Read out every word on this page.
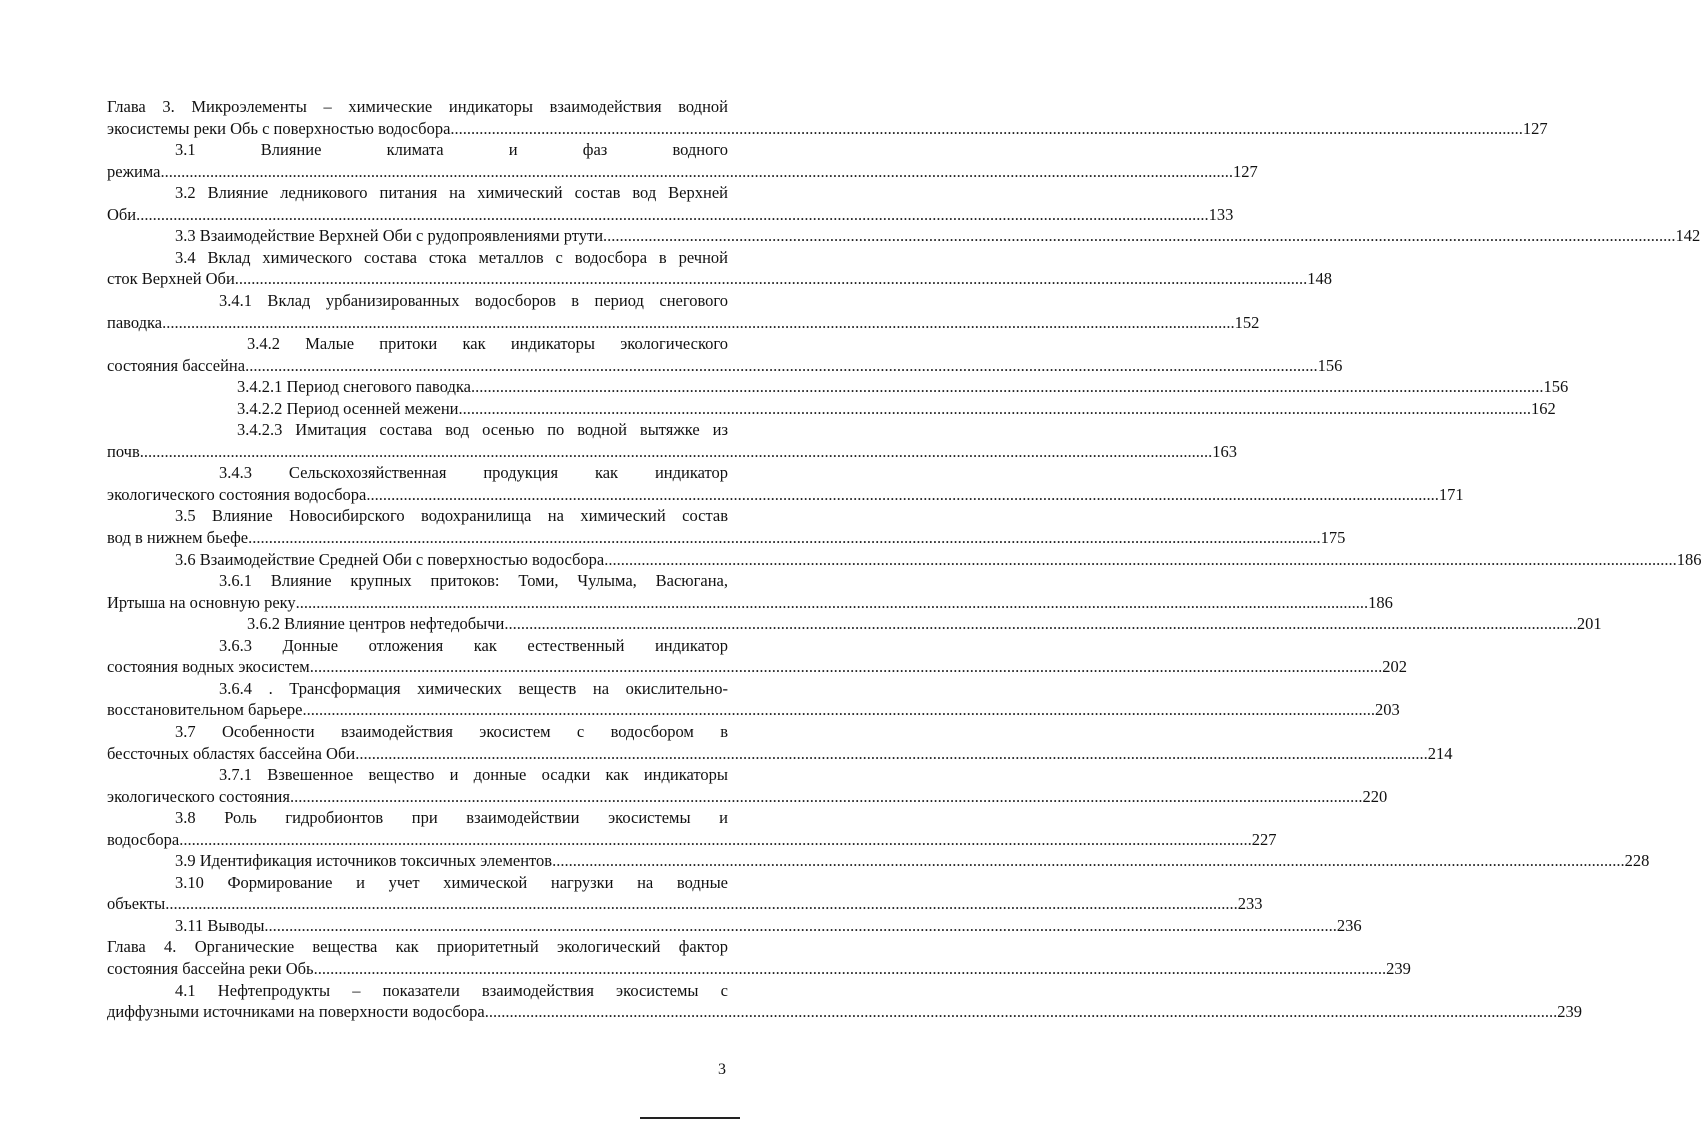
Глава 3. Микроэлементы – химические индикаторы взаимодействия водной
экосистемы реки Обь с поверхностью водосбора .................................................................................................................................................................................................................................................................... 127
3.1 Влияние климата и фаз водного
режима .................................................................................................................................................................................................................................................................... 127
3.2 Влияние ледникового питания на химический состав вод Верхней
Оби .................................................................................................................................................................................................................................................................... 133
3.3 Взаимодействие Верхней Оби с рудопроявлениями ртути .................................................................................................................................................................................................................................................................... 142
3.4 Вклад химического состава стока металлов с водосбора в речной
сток Верхней Оби .................................................................................................................................................................................................................................................................... 148
3.4.1 Вклад урбанизированных водосборов в период снегового
паводка .................................................................................................................................................................................................................................................................... 152
3.4.2 Малые притоки как индикаторы экологического
состояния бассейна .................................................................................................................................................................................................................................................................... 156
3.4.2.1 Период снегового паводка .................................................................................................................................................................................................................................................................... 156
3.4.2.2 Период осенней межени .................................................................................................................................................................................................................................................................... 162
3.4.2.3 Имитация состава вод осенью по водной вытяжке из
почв .................................................................................................................................................................................................................................................................... 163
3.4.3 Сельскохозяйственная продукция как индикатор
экологического состояния водосбора .................................................................................................................................................................................................................................................................... 171
3.5 Влияние Новосибирского водохранилища на химический состав
вод в нижнем бьефе .................................................................................................................................................................................................................................................................... 175
3.6 Взаимодействие Средней Оби с поверхностью водосбора .................................................................................................................................................................................................................................................................... 186
3.6.1 Влияние крупных притоков: Томи, Чулыма, Васюгана,
Иртыша на основную реку .................................................................................................................................................................................................................................................................... 186
3.6.2 Влияние центров нефтедобычи .................................................................................................................................................................................................................................................................... 201
3.6.3 Донные отложения как естественный индикатор
состояния водных экосистем .................................................................................................................................................................................................................................................................... 202
3.6.4 . Трансформация химических веществ на окислительно-
восстановительном барьере .................................................................................................................................................................................................................................................................... 203
3.7 Особенности взаимодействия экосистем с водосбором в
бессточных областях бассейна Оби .................................................................................................................................................................................................................................................................... 214
3.7.1 Взвешенное вещество и донные осадки как индикаторы
экологического состояния .................................................................................................................................................................................................................................................................... 220
3.8 Роль гидробионтов при взаимодействии экосистемы и
водосбора .................................................................................................................................................................................................................................................................... 227
3.9 Идентификация источников токсичных элементов .................................................................................................................................................................................................................................................................... 228
3.10 Формирование и учет химической нагрузки на водные
объекты .................................................................................................................................................................................................................................................................... 233
3.11 Выводы .................................................................................................................................................................................................................................................................... 236
Глава 4. Органические вещества как приоритетный экологический фактор
состояния бассейна реки Обь .................................................................................................................................................................................................................................................................... 239
4.1 Нефтепродукты – показатели взаимодействия экосистемы с
диффузными источниками на поверхности водосбора .................................................................................................................................................................................................................................................................... 239
3
